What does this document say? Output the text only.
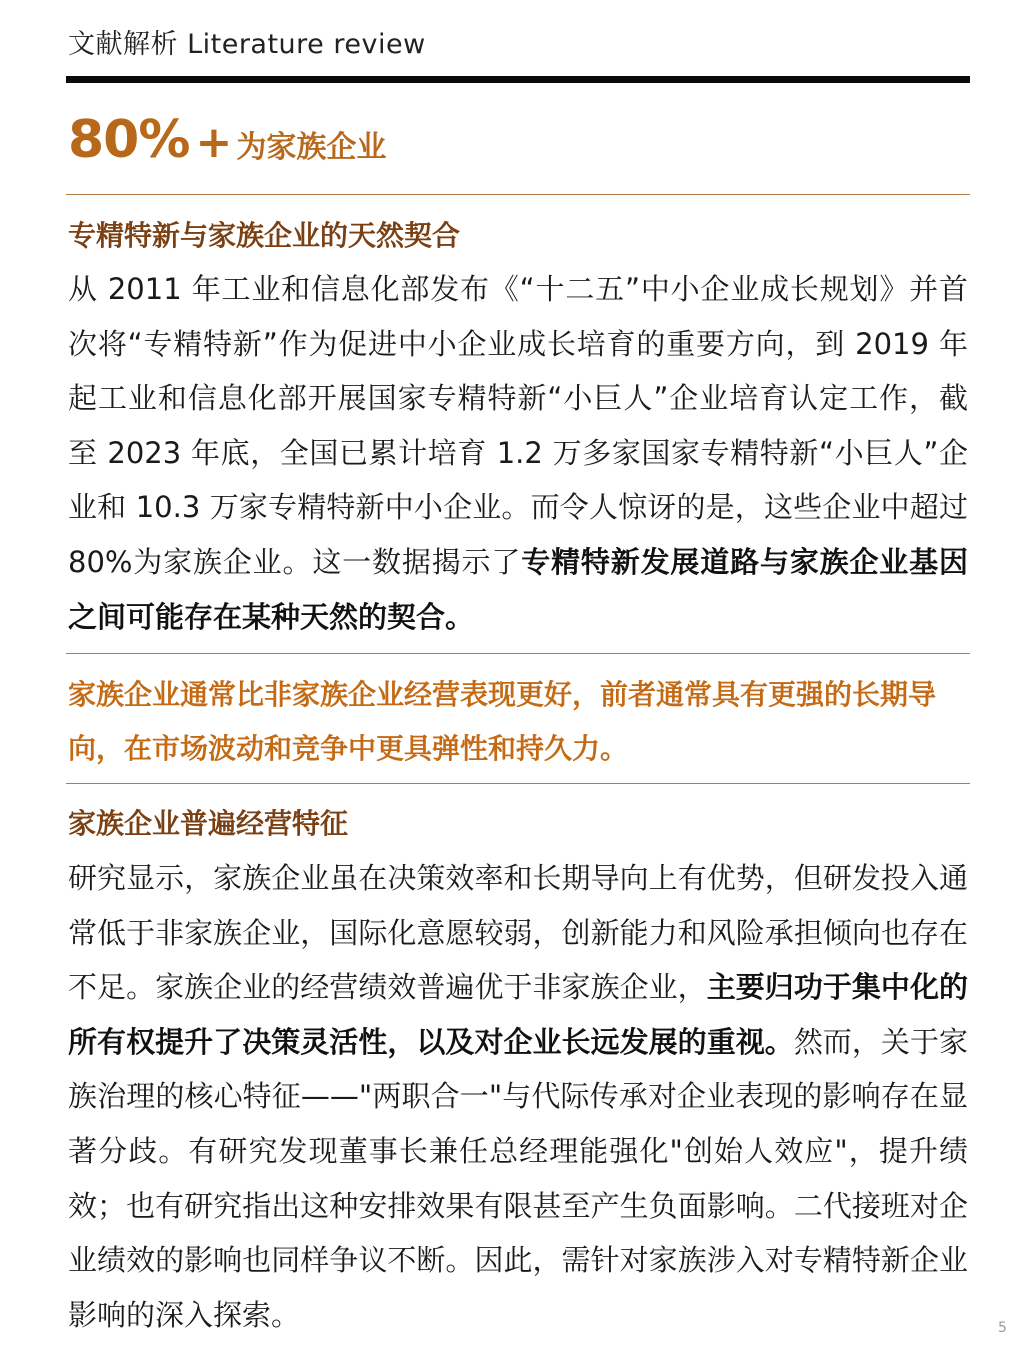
文献解析 Literature review
80% + 为家族企业
专精特新与家族企业的天然契合
从 2011 年工业和信息化部发布《“十二五”中小企业成长规划》并首次将“专精特新”作为促进中小企业成长培育的重要方向，到 2019 年起工业和信息化部开展国家专精特新“小巨人”企业培育认定工作，截至 2023 年底，全国已累计培育 1.2 万多家国家专精特新“小巨人”企业和 10.3 万家专精特新中小企业。而令人惊讶的是，这些企业中超过80%为家族企业。这一数据揭示了专精特新发展道路与家族企业基因之间可能存在某种天然的契合。
家族企业通常比非家族企业经营表现更好，前者通常具有更强的长期导向，在市场波动和竞争中更具弹性和持久力。
家族企业普遍经营特征
研究显示，家族企业虽在决策效率和长期导向上有优势，但研发投入通常低于非家族企业，国际化意愿较弱，创新能力和风险承担倾向也存在不足。家族企业的经营绩效普遍优于非家族企业，主要归功于集中化的所有权提升了决策灵活性，以及对企业长远发展的重视。然而，关于家族治理的核心特征——"两职合一"与代际传承对企业表现的影响存在显著分歧。有研究发现董事长兼任总经理能强化"创始人效应"，提升绩效；也有研究指出这种安排效果有限甚至产生负面影响。二代接班对企业绩效的影响也同样争议不断。因此，需针对家族涉入对专精特新企业影响的深入探索。	5
